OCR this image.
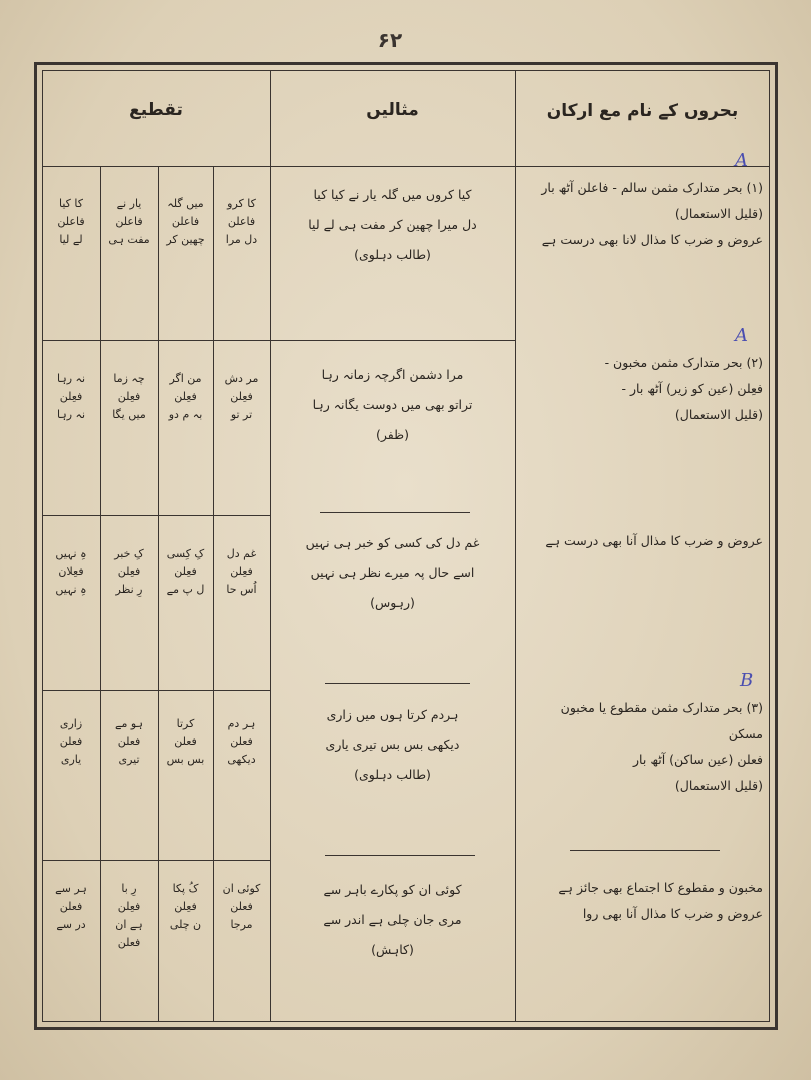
۶۲
تقطیع	مثالیں	بحروں کے نام مع ارکان
A
A
B
(۱) بحر متدارک مثمن سالم - فاعلن آٹھ بار
(قلیل الاستعمال)
عروض و ضرب کا مذال لانا بھی درست ہے
کیا کروں میں گلہ یار نے کیا کیا
دل میرا چھین کر مفت ہی لے لیا
(طالب دہلوی)
کا کرو
فاعلن
دل مرا
میں گلہ
فاعلن
چھین کر
یار نے
فاعلن
مفت ہی
کا کیا
فاعلن
لے لیا
(۲) بحر متدارک مثمن مخبون -
فعِلن (عین کو زیر) آٹھ بار -
(قلیل الاستعمال)
مرا دشمن اگرچہ زمانہ رہا
تراتو بھی میں دوست یگانہ رہا
(ظفر)
مر دش
فعِلن
تر تو
من اگر
فعِلن
بہ م دو
چہ زما
فعِلن
میں یگا
نہ رہا
فعِلن
نہ رہا
عروض و ضرب کا مذال آنا بھی درست ہے
غم دل کی کسی کو خبر ہی نہیں
اسے حال پہ میرے نظر ہی نہیں
(رہوس)
غم دل
فعِلن
اُس حا
کِ کِسی
فعِلن
ل پ مے
کِ خبر
فعِلن
رِ نظر
ہِ نہیں
فعِلان
ہِ نہیں
(۳) بحر متدارک مثمن مقطوع یا مخبون مسکن
فعلن (عین ساکن) آٹھ بار
(قلیل الاستعمال)
ہردم کرتا ہوں میں زاری
دیکھی بس بس تیری یاری
(طالب دہلوی)
ہر دم
فعلن
دیکھی
کرتا
فعلن
بس بس
ہو مے
فعلن
تیری
زاری
فعلن
یاری
مخبون و مقطوع کا اجتماع بھی جائز ہے
عروض و ضرب کا مذال آنا بھی روا
کوئی ان کو پکارے باہر سے
مری جان چلی ہے اندر سے
(کاہش)
کوئی ان
فعلن
مرجا
کُ پکا
فعِلن
ن چلی
رِ با
فعِلن
ہے ان
فعلن
ہر سے
فعلن
در سے
